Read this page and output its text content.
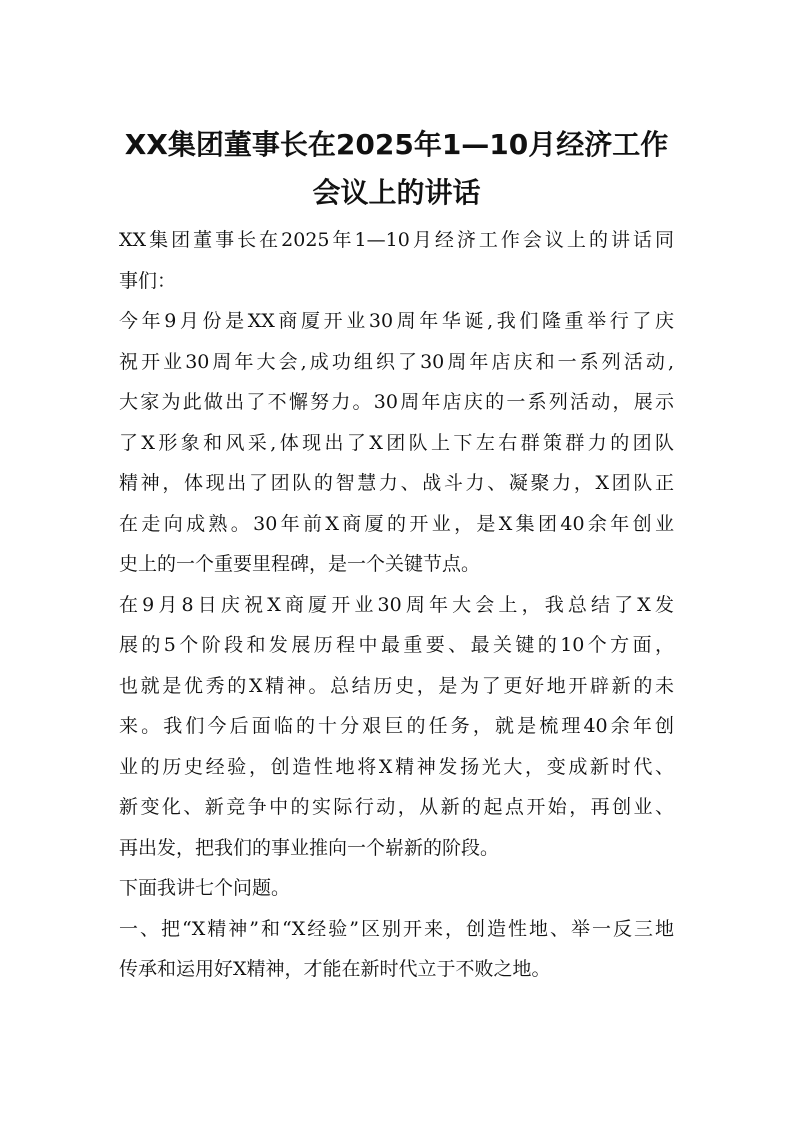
XX集团董事长在2025年1—10月经济工作
会议上的讲话
XX集团董事长在2025年1—10月经济工作会议上的讲话同
事们：
今年9月份是XX商厦开业30周年华诞,我们隆重举行了庆
祝开业30周年大会,成功组织了30周年店庆和一系列活动,
大家为此做出了不懈努力。30周年店庆的一系列活动，展示
了X形象和风采,体现出了X团队上下左右群策群力的团队
精神，体现出了团队的智慧力、战斗力、凝聚力，X团队正
在走向成熟。30年前X商厦的开业，是X集团40余年创业
史上的一个重要里程碑，是一个关键节点。
在9月8日庆祝X商厦开业30周年大会上，我总结了X发
展的5个阶段和发展历程中最重要、最关键的10个方面，
也就是优秀的X精神。总结历史，是为了更好地开辟新的未
来。我们今后面临的十分艰巨的任务，就是梳理40余年创
业的历史经验，创造性地将X精神发扬光大，变成新时代、
新变化、新竞争中的实际行动，从新的起点开始，再创业、
再出发，把我们的事业推向一个崭新的阶段。
下面我讲七个问题。
一、把“X精神”和“X经验”区别开来，创造性地、举一反三地
传承和运用好X精神，才能在新时代立于不败之地。
